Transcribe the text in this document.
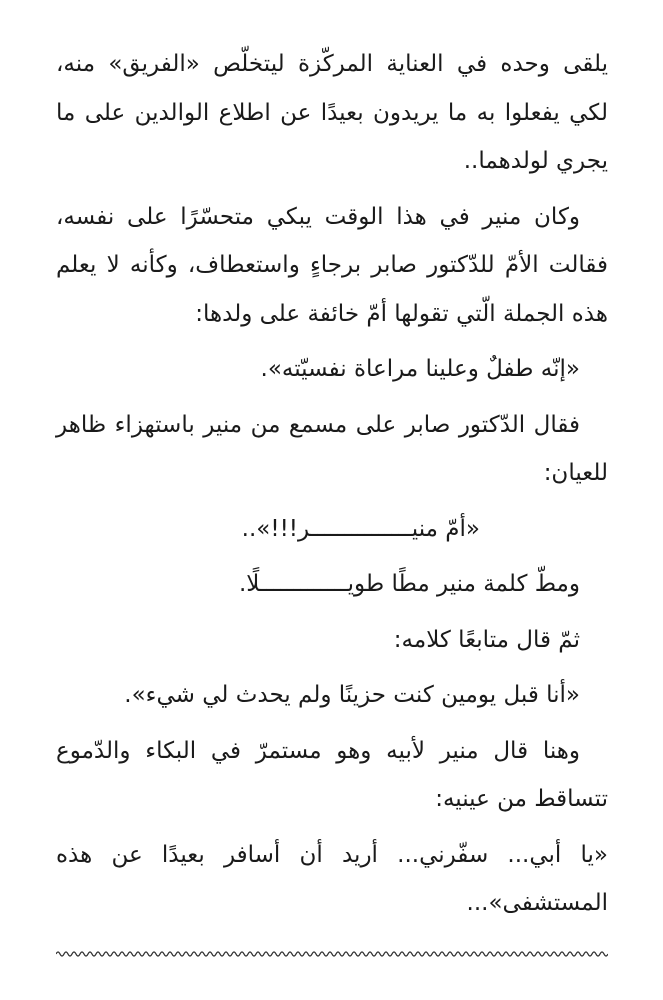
يلقى وحده في العناية المركّزة ليتخلّص «الفريق» منه، لكي يفعلوا به ما يريدون بعيدًا عن اطلاع الوالدين على ما يجري لولدهما..

وكان منير في هذا الوقت يبكي متحسّرًا على نفسه، فقالت الأمّ للدّكتور صابر برجاءٍ واستعطاف، وكأنه لا يعلم هذه الجملة الّتي تقولها أمّ خائفة على ولدها:

«إنّه طفلٌ وعلينا مراعاة نفسيّته».

فقال الدّكتور صابر على مسمع من منير باستهزاء ظاهر للعيان:

«أمّ منيـــــــــــــــر!!!»..

ومطّ كلمة منير مطًا طويـــــــــــــلًا.

ثمّ قال متابعًا كلامه:

«أنا قبل يومين كنت حزينًا ولم يحدث لي شيء».

وهنا قال منير لأبيه وهو مستمرّ في البكاء والدّموع تتساقط من عينيه:

«يا أبي... سفّرني... أريد أن أسافر بعيدًا عن هذه المستشفى»...
